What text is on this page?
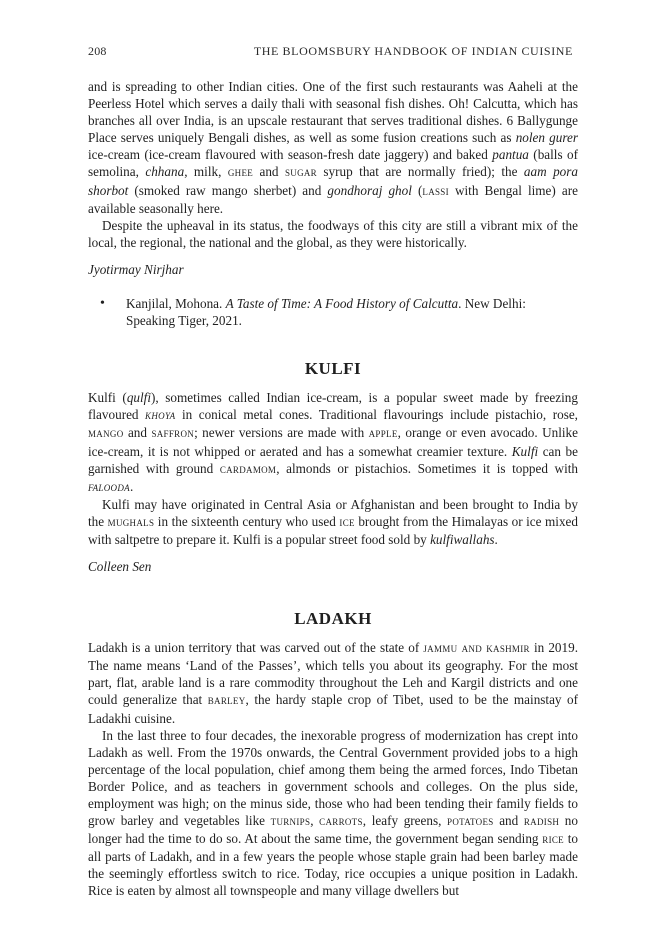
208	THE BLOOMSBURY HANDBOOK OF INDIAN CUISINE

and is spreading to other Indian cities. One of the first such restaurants was Aaheli at the Peerless Hotel which serves a daily thali with seasonal fish dishes. Oh! Calcutta, which has branches all over India, is an upscale restaurant that serves traditional dishes. 6 Ballygunge Place serves uniquely Bengali dishes, as well as some fusion creations such as nolen gurer ice-cream (ice-cream flavoured with season-fresh date jaggery) and baked pantua (balls of semolina, chhana, milk, ghee and sugar syrup that are normally fried); the aam pora shorbot (smoked raw mango sherbet) and gondhoraj ghol (lassi with Bengal lime) are available seasonally here.

Despite the upheaval in its status, the foodways of this city are still a vibrant mix of the local, the regional, the national and the global, as they were historically.

Jyotirmay Nirjhar

•	Kanjilal, Mohona. A Taste of Time: A Food History of Calcutta. New Delhi: Speaking Tiger, 2021.
KULFI

Kulfi (qulfi), sometimes called Indian ice-cream, is a popular sweet made by freezing flavoured khoya in conical metal cones. Traditional flavourings include pistachio, rose, mango and saffron; newer versions are made with apple, orange or even avocado. Unlike ice-cream, it is not whipped or aerated and has a somewhat creamier texture. Kulfi can be garnished with ground cardamom, almonds or pistachios. Sometimes it is topped with falooda.

Kulfi may have originated in Central Asia or Afghanistan and been brought to India by the mughals in the sixteenth century who used ice brought from the Himalayas or ice mixed with saltpetre to prepare it. Kulfi is a popular street food sold by kulfiwallahs.

Colleen Sen

LADAKH

Ladakh is a union territory that was carved out of the state of jammu and kashmir in 2019. The name means ‘Land of the Passes’, which tells you about its geography. For the most part, flat, arable land is a rare commodity throughout the Leh and Kargil districts and one could generalize that barley, the hardy staple crop of Tibet, used to be the mainstay of Ladakhi cuisine.

In the last three to four decades, the inexorable progress of modernization has crept into Ladakh as well. From the 1970s onwards, the Central Government provided jobs to a high percentage of the local population, chief among them being the armed forces, Indo Tibetan Border Police, and as teachers in government schools and colleges. On the plus side, employment was high; on the minus side, those who had been tending their family fields to grow barley and vegetables like turnips, carrots, leafy greens, potatoes and radish no longer had the time to do so. At about the same time, the government began sending rice to all parts of Ladakh, and in a few years the people whose staple grain had been barley made the seemingly effortless switch to rice. Today, rice occupies a unique position in Ladakh. Rice is eaten by almost all townspeople and many village dwellers but
